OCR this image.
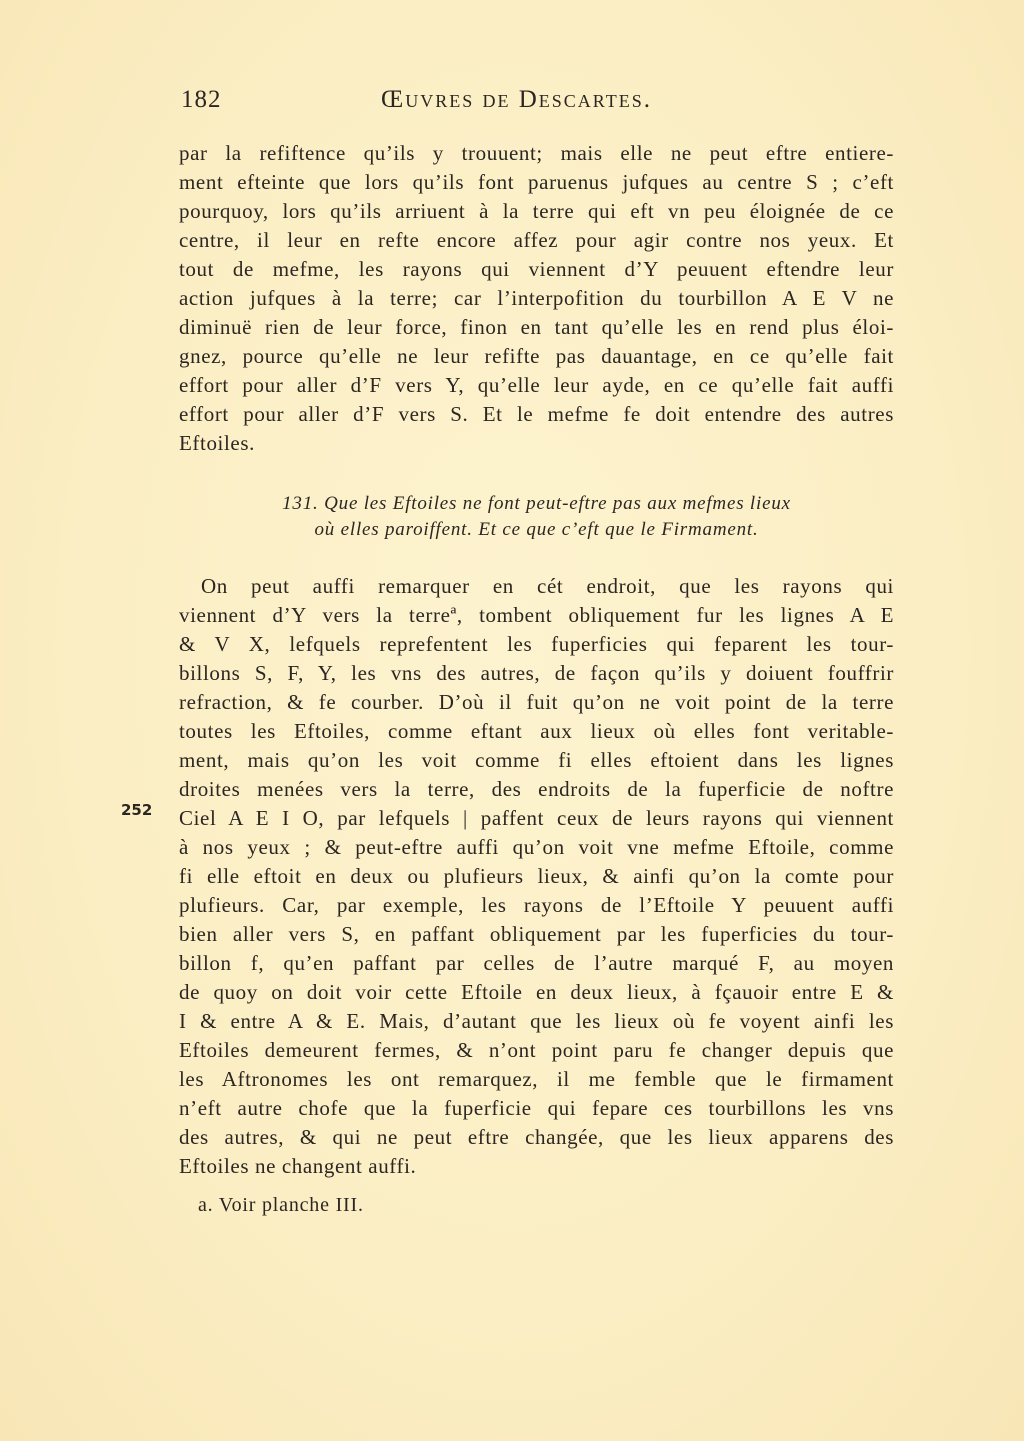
182	Œuvres de Descartes.
par la refiftence qu’ils y trouuent; mais elle ne peut eftre entiere-
ment efteinte que lors qu’ils font paruenus jufques au centre S ; c’eft
pourquoy, lors qu’ils arriuent à la terre qui eft vn peu éloignée de ce
centre, il leur en refte encore affez pour agir contre nos yeux. Et
tout de mefme, les rayons qui viennent d’Y peuuent eftendre leur
action jufques à la terre; car l’interpofition du tourbillon A E V ne
diminuë rien de leur force, finon en tant qu’elle les en rend plus éloi-
gnez, pource qu’elle ne leur refifte pas dauantage, en ce qu’elle fait
effort pour aller d’F vers Y, qu’elle leur ayde, en ce qu’elle fait auffi
effort pour aller d’F vers S. Et le mefme fe doit entendre des autres
Eftoiles.
131. Que les Eftoiles ne font peut-eftre pas aux mefmes lieux
où elles paroiffent. Et ce que c’eft que le Firmament.
On peut auffi remarquer en cét endroit, que les rayons qui
viennent d’Y vers la terreª, tombent obliquement fur les lignes A E
& V X, lefquels reprefentent les fuperficies qui feparent les tour-
billons S, F, Y, les vns des autres, de façon qu’ils y doiuent fouffrir
refraction, & fe courber. D’où il fuit qu’on ne voit point de la terre
toutes les Eftoiles, comme eftant aux lieux où elles font veritable-
ment, mais qu’on les voit comme fi elles eftoient dans les lignes
droites menées vers la terre, des endroits de la fuperficie de noftre
Ciel A E I O, par lefquels | paffent ceux de leurs rayons qui viennent
à nos yeux ; & peut-eftre auffi qu’on voit vne mefme Eftoile, comme
fi elle eftoit en deux ou plufieurs lieux, & ainfi qu’on la comte pour
plufieurs. Car, par exemple, les rayons de l’Eftoile Y peuuent auffi
bien aller vers S, en paffant obliquement par les fuperficies du tour-
billon f, qu’en paffant par celles de l’autre marqué F, au moyen
de quoy on doit voir cette Eftoile en deux lieux, à fçauoir entre E &
I & entre A & E. Mais, d’autant que les lieux où fe voyent ainfi les
Eftoiles demeurent fermes, & n’ont point paru fe changer depuis que
les Aftronomes les ont remarquez, il me femble que le firmament
n’eft autre chofe que la fuperficie qui fepare ces tourbillons les vns
des autres, & qui ne peut eftre changée, que les lieux apparens des
Eftoiles ne changent auffi.
252
a. Voir planche III.
